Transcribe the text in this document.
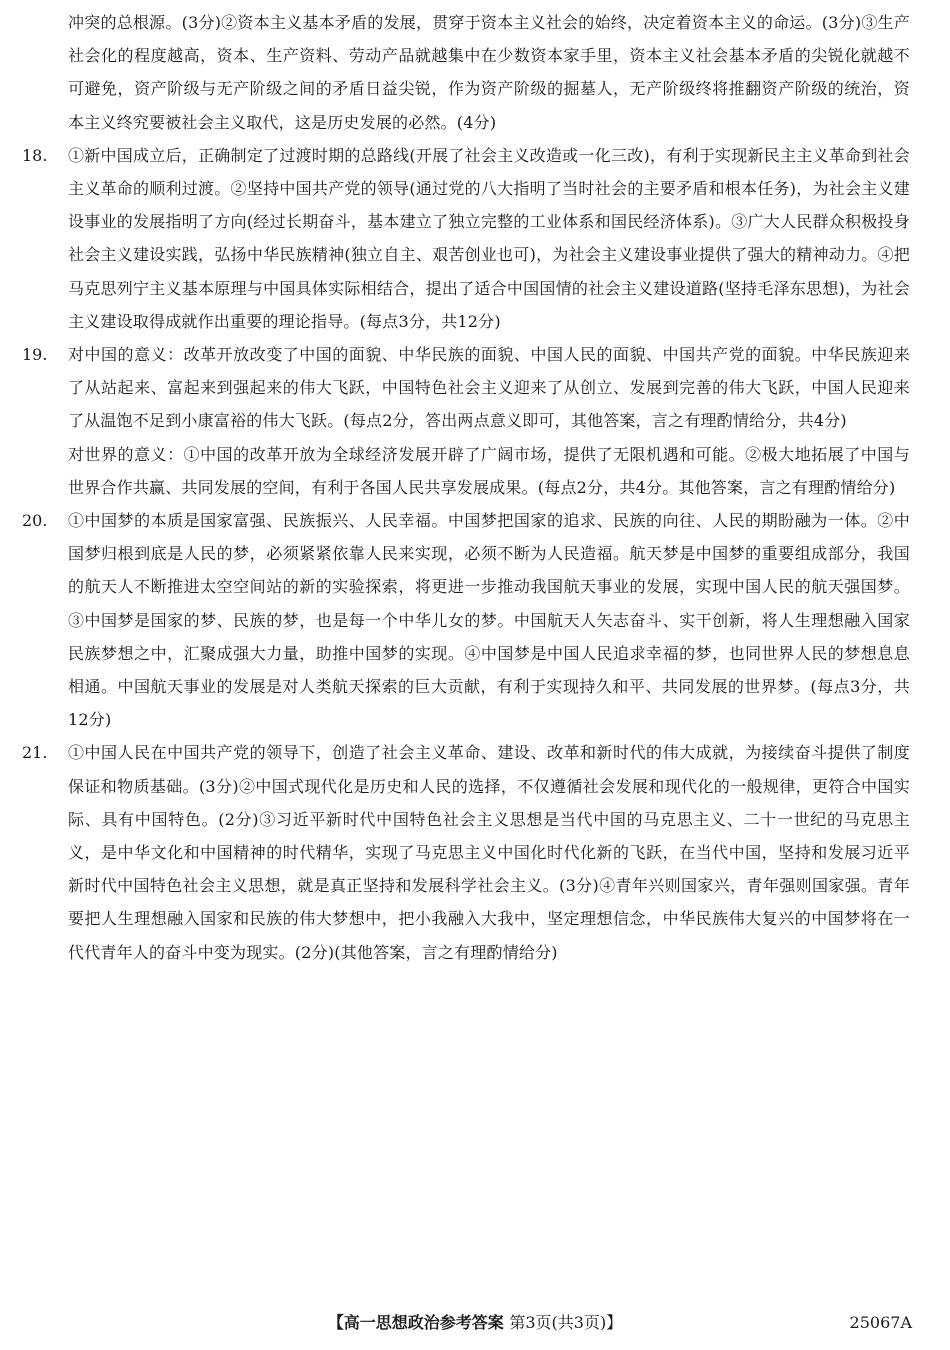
冲突的总根源。(3分)②资本主义基本矛盾的发展，贯穿于资本主义社会的始终，决定着资本主义的命运。(3分)③生产社会化的程度越高，资本、生产资料、劳动产品就越集中在少数资本家手里，资本主义社会基本矛盾的尖锐化就越不可避免，资产阶级与无产阶级之间的矛盾日益尖锐，作为资产阶级的掘墓人，无产阶级终将推翻资产阶级的统治，资本主义终究要被社会主义取代，这是历史发展的必然。(4分)

18. ①新中国成立后，正确制定了过渡时期的总路线(开展了社会主义改造或一化三改)，有利于实现新民主主义革命到社会主义革命的顺利过渡。②坚持中国共产党的领导(通过党的八大指明了当时社会的主要矛盾和根本任务)，为社会主义建设事业的发展指明了方向(经过长期奋斗，基本建立了独立完整的工业体系和国民经济体系)。③广大人民群众积极投身社会主义建设实践，弘扬中华民族精神(独立自主、艰苦创业也可)，为社会主义建设事业提供了强大的精神动力。④把马克思列宁主义基本原理与中国具体实际相结合，提出了适合中国国情的社会主义建设道路(坚持毛泽东思想)，为社会主义建设取得成就作出重要的理论指导。(每点3分，共12分)

19. 对中国的意义：改革开放改变了中国的面貌、中华民族的面貌、中国人民的面貌、中国共产党的面貌。中华民族迎来了从站起来、富起来到强起来的伟大飞跃，中国特色社会主义迎来了从创立、发展到完善的伟大飞跃，中国人民迎来了从温饱不足到小康富裕的伟大飞跃。(每点2分，答出两点意义即可，其他答案，言之有理酌情给分，共4分)

对世界的意义：①中国的改革开放为全球经济发展开辟了广阔市场，提供了无限机遇和可能。②极大地拓展了中国与世界合作共赢、共同发展的空间，有利于各国人民共享发展成果。(每点2分，共4分。其他答案，言之有理酌情给分)

20. ①中国梦的本质是国家富强、民族振兴、人民幸福。中国梦把国家的追求、民族的向往、人民的期盼融为一体。②中国梦归根到底是人民的梦，必须紧紧依靠人民来实现，必须不断为人民造福。航天梦是中国梦的重要组成部分，我国的航天人不断推进太空空间站的新的实验探索，将更进一步推动我国航天事业的发展，实现中国人民的航天强国梦。③中国梦是国家的梦、民族的梦，也是每一个中华儿女的梦。中国航天人矢志奋斗、实干创新，将人生理想融入国家民族梦想之中，汇聚成强大力量，助推中国梦的实现。④中国梦是中国人民追求幸福的梦，也同世界人民的梦想息息相通。中国航天事业的发展是对人类航天探索的巨大贡献，有利于实现持久和平、共同发展的世界梦。(每点3分，共12分)

21. ①中国人民在中国共产党的领导下，创造了社会主义革命、建设、改革和新时代的伟大成就，为接续奋斗提供了制度保证和物质基础。(3分)②中国式现代化是历史和人民的选择，不仅遵循社会发展和现代化的一般规律，更符合中国实际、具有中国特色。(2分)③习近平新时代中国特色社会主义思想是当代中国的马克思主义、二十一世纪的马克思主义，是中华文化和中国精神的时代精华，实现了马克思主义中国化时代化新的飞跃，在当代中国，坚持和发展习近平新时代中国特色社会主义思想，就是真正坚持和发展科学社会主义。(3分)④青年兴则国家兴，青年强则国家强。青年要把人生理想融入国家和民族的伟大梦想中，把小我融入大我中，坚定理想信念，中华民族伟大复兴的中国梦将在一代代青年人的奋斗中变为现实。(2分)(其他答案，言之有理酌情给分)

【高一思想政治参考答案 第3页(共3页)】	25067A
